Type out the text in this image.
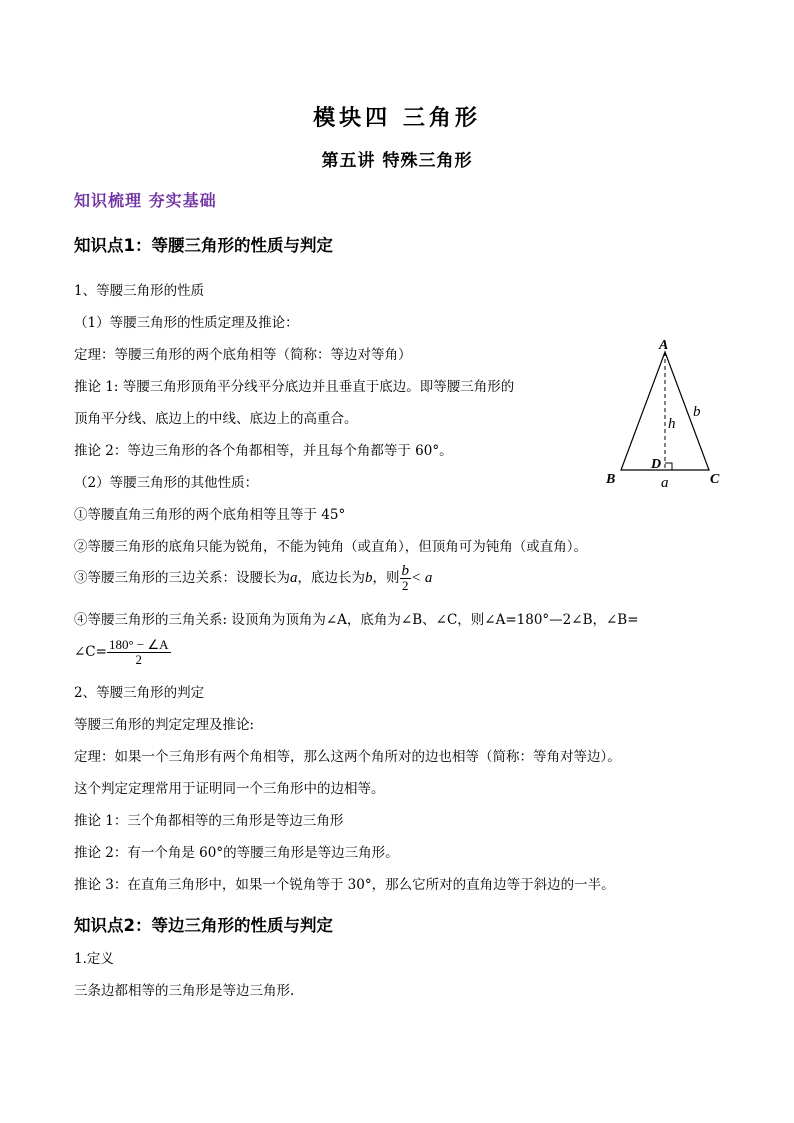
模块四 三角形
第五讲 特殊三角形
知识梳理 夯实基础
知识点1：等腰三角形的性质与判定
1、等腰三角形的性质
（1）等腰三角形的性质定理及推论：
定理：等腰三角形的两个底角相等（简称：等边对等角）
推论 1: 等腰三角形顶角平分线平分底边并且垂直于底边。即等腰三角形的
顶角平分线、底边上的中线、底边上的高重合。
推论 2：等边三角形的各个角都相等，并且每个角都等于 60°。
（2）等腰三角形的其他性质：
①等腰直角三角形的两个底角相等且等于 45°
②等腰三角形的底角只能为锐角，不能为钝角（或直角），但顶角可为钝角（或直角）。
③等腰三角形的三边关系：设腰长为a，底边长为b，则 $\frac{b}{2} < a$
④等腰三角形的三角关系: 设顶角为顶角为∠A，底角为∠B、∠C，则∠A=180°—2∠B，∠B=
∠C= $\frac{180^\circ - \angle A}{2}$
2、等腰三角形的判定
等腰三角形的判定定理及推论:
定理：如果一个三角形有两个角相等，那么这两个角所对的边也相等（简称：等角对等边）。
这个判定定理常用于证明同一个三角形中的边相等。
推论 1：三个角都相等的三角形是等边三角形
推论 2：有一个角是 60°的等腰三角形是等边三角形。
推论 3：在直角三角形中，如果一个锐角等于 30°，那么它所对的直角边等于斜边的一半。
知识点2：等边三角形的性质与判定
1.定义
三条边都相等的三角形是等边三角形.
A
B	C
D
h
b
a
